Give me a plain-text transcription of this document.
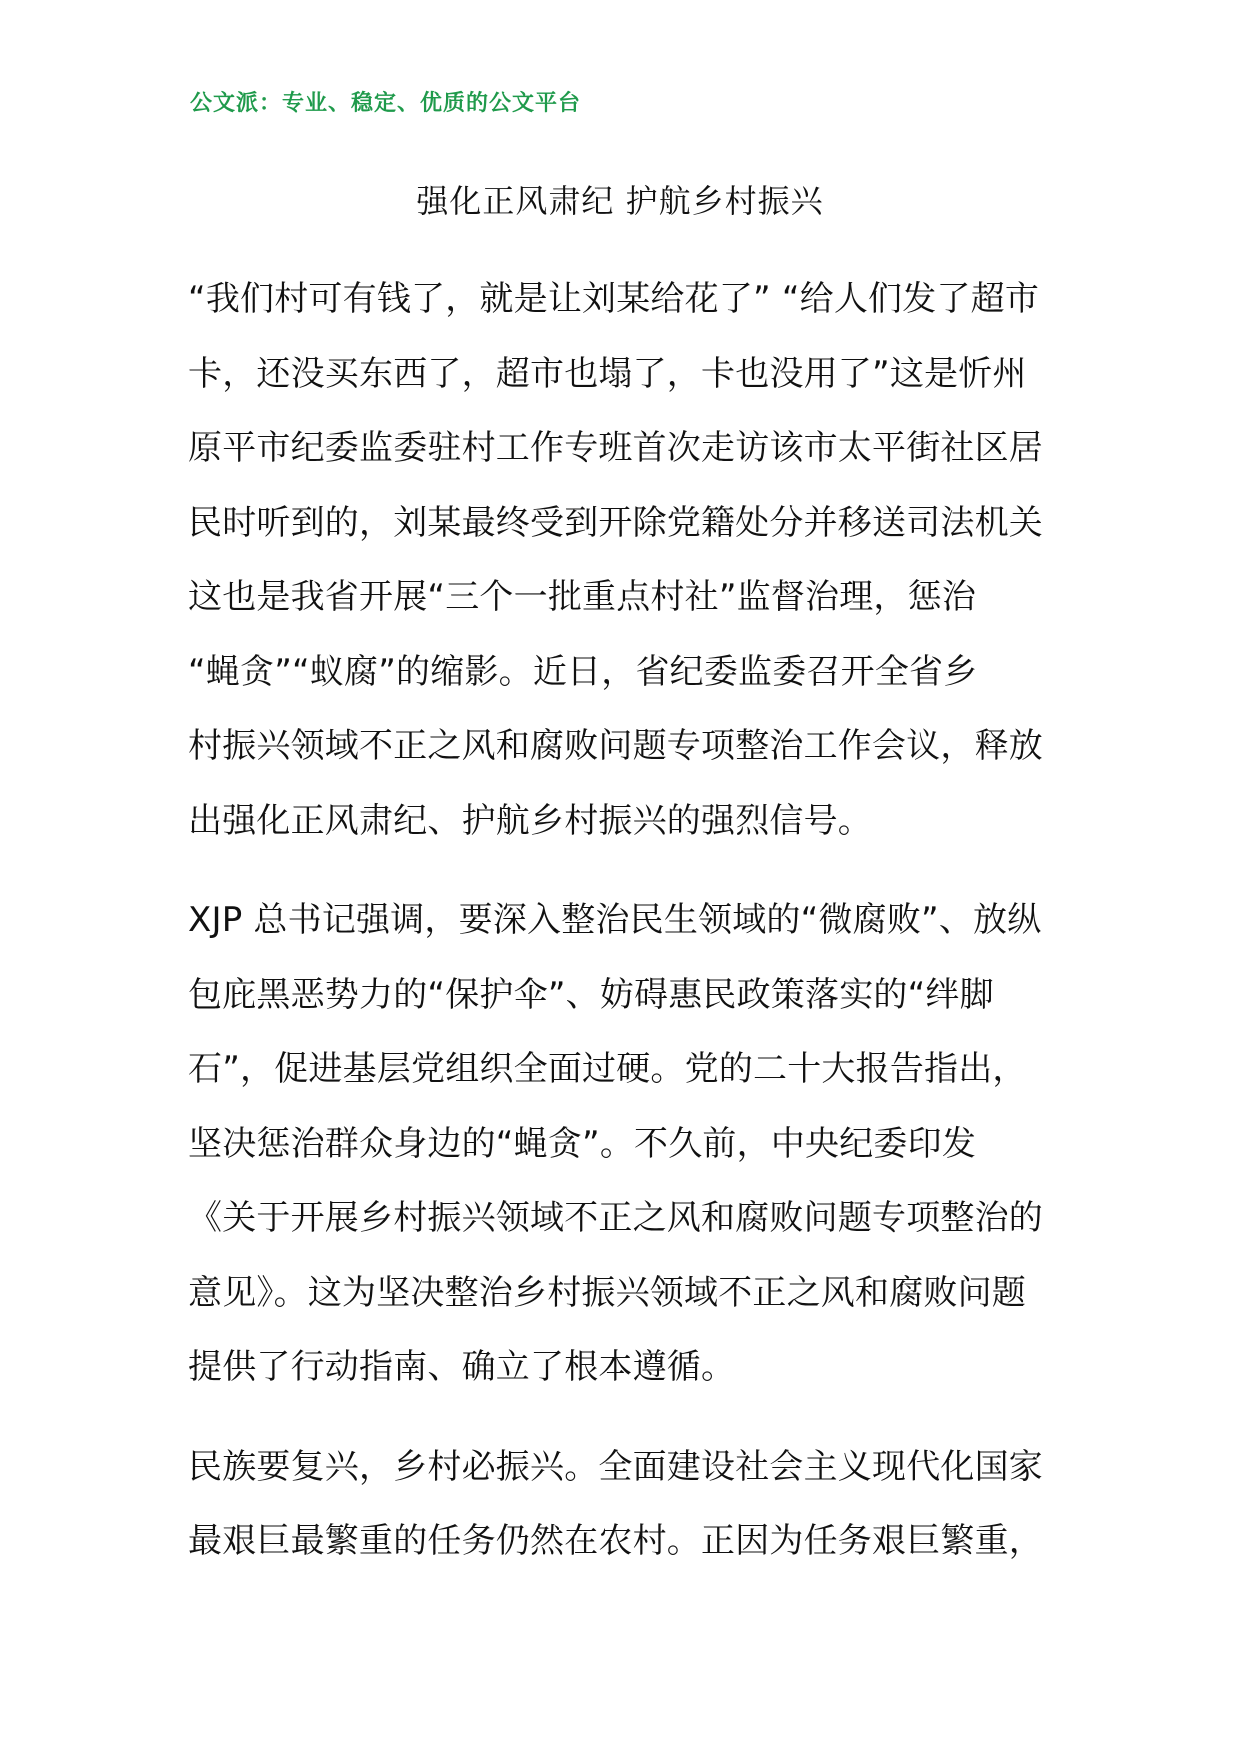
公文派：专业、稳定、优质的公文平台
强化正风肃纪 护航乡村振兴

“我们村可有钱了，就是让刘某给花了” “给人们发了超市
卡，还没买东西了，超市也塌了，卡也没用了”这是忻州
原平市纪委监委驻村工作专班首次走访该市太平街社区居
民时听到的，刘某最终受到开除党籍处分并移送司法机关
这也是我省开展“三个一批重点村社”监督治理，惩治
“蝇贪”“蚁腐”的缩影。近日，省纪委监委召开全省乡
村振兴领域不正之风和腐败问题专项整治工作会议，释放
出强化正风肃纪、护航乡村振兴的强烈信号。

XJP 总书记强调，要深入整治民生领域的“微腐败”、放纵
包庇黑恶势力的“保护伞”、妨碍惠民政策落实的“绊脚
石”，促进基层党组织全面过硬。党的二十大报告指出，
坚决惩治群众身边的“蝇贪”。不久前，中央纪委印发
《关于开展乡村振兴领域不正之风和腐败问题专项整治的
意见》。这为坚决整治乡村振兴领域不正之风和腐败问题
提供了行动指南、确立了根本遵循。

民族要复兴，乡村必振兴。全面建设社会主义现代化国家
最艰巨最繁重的任务仍然在农村。正因为任务艰巨繁重，
